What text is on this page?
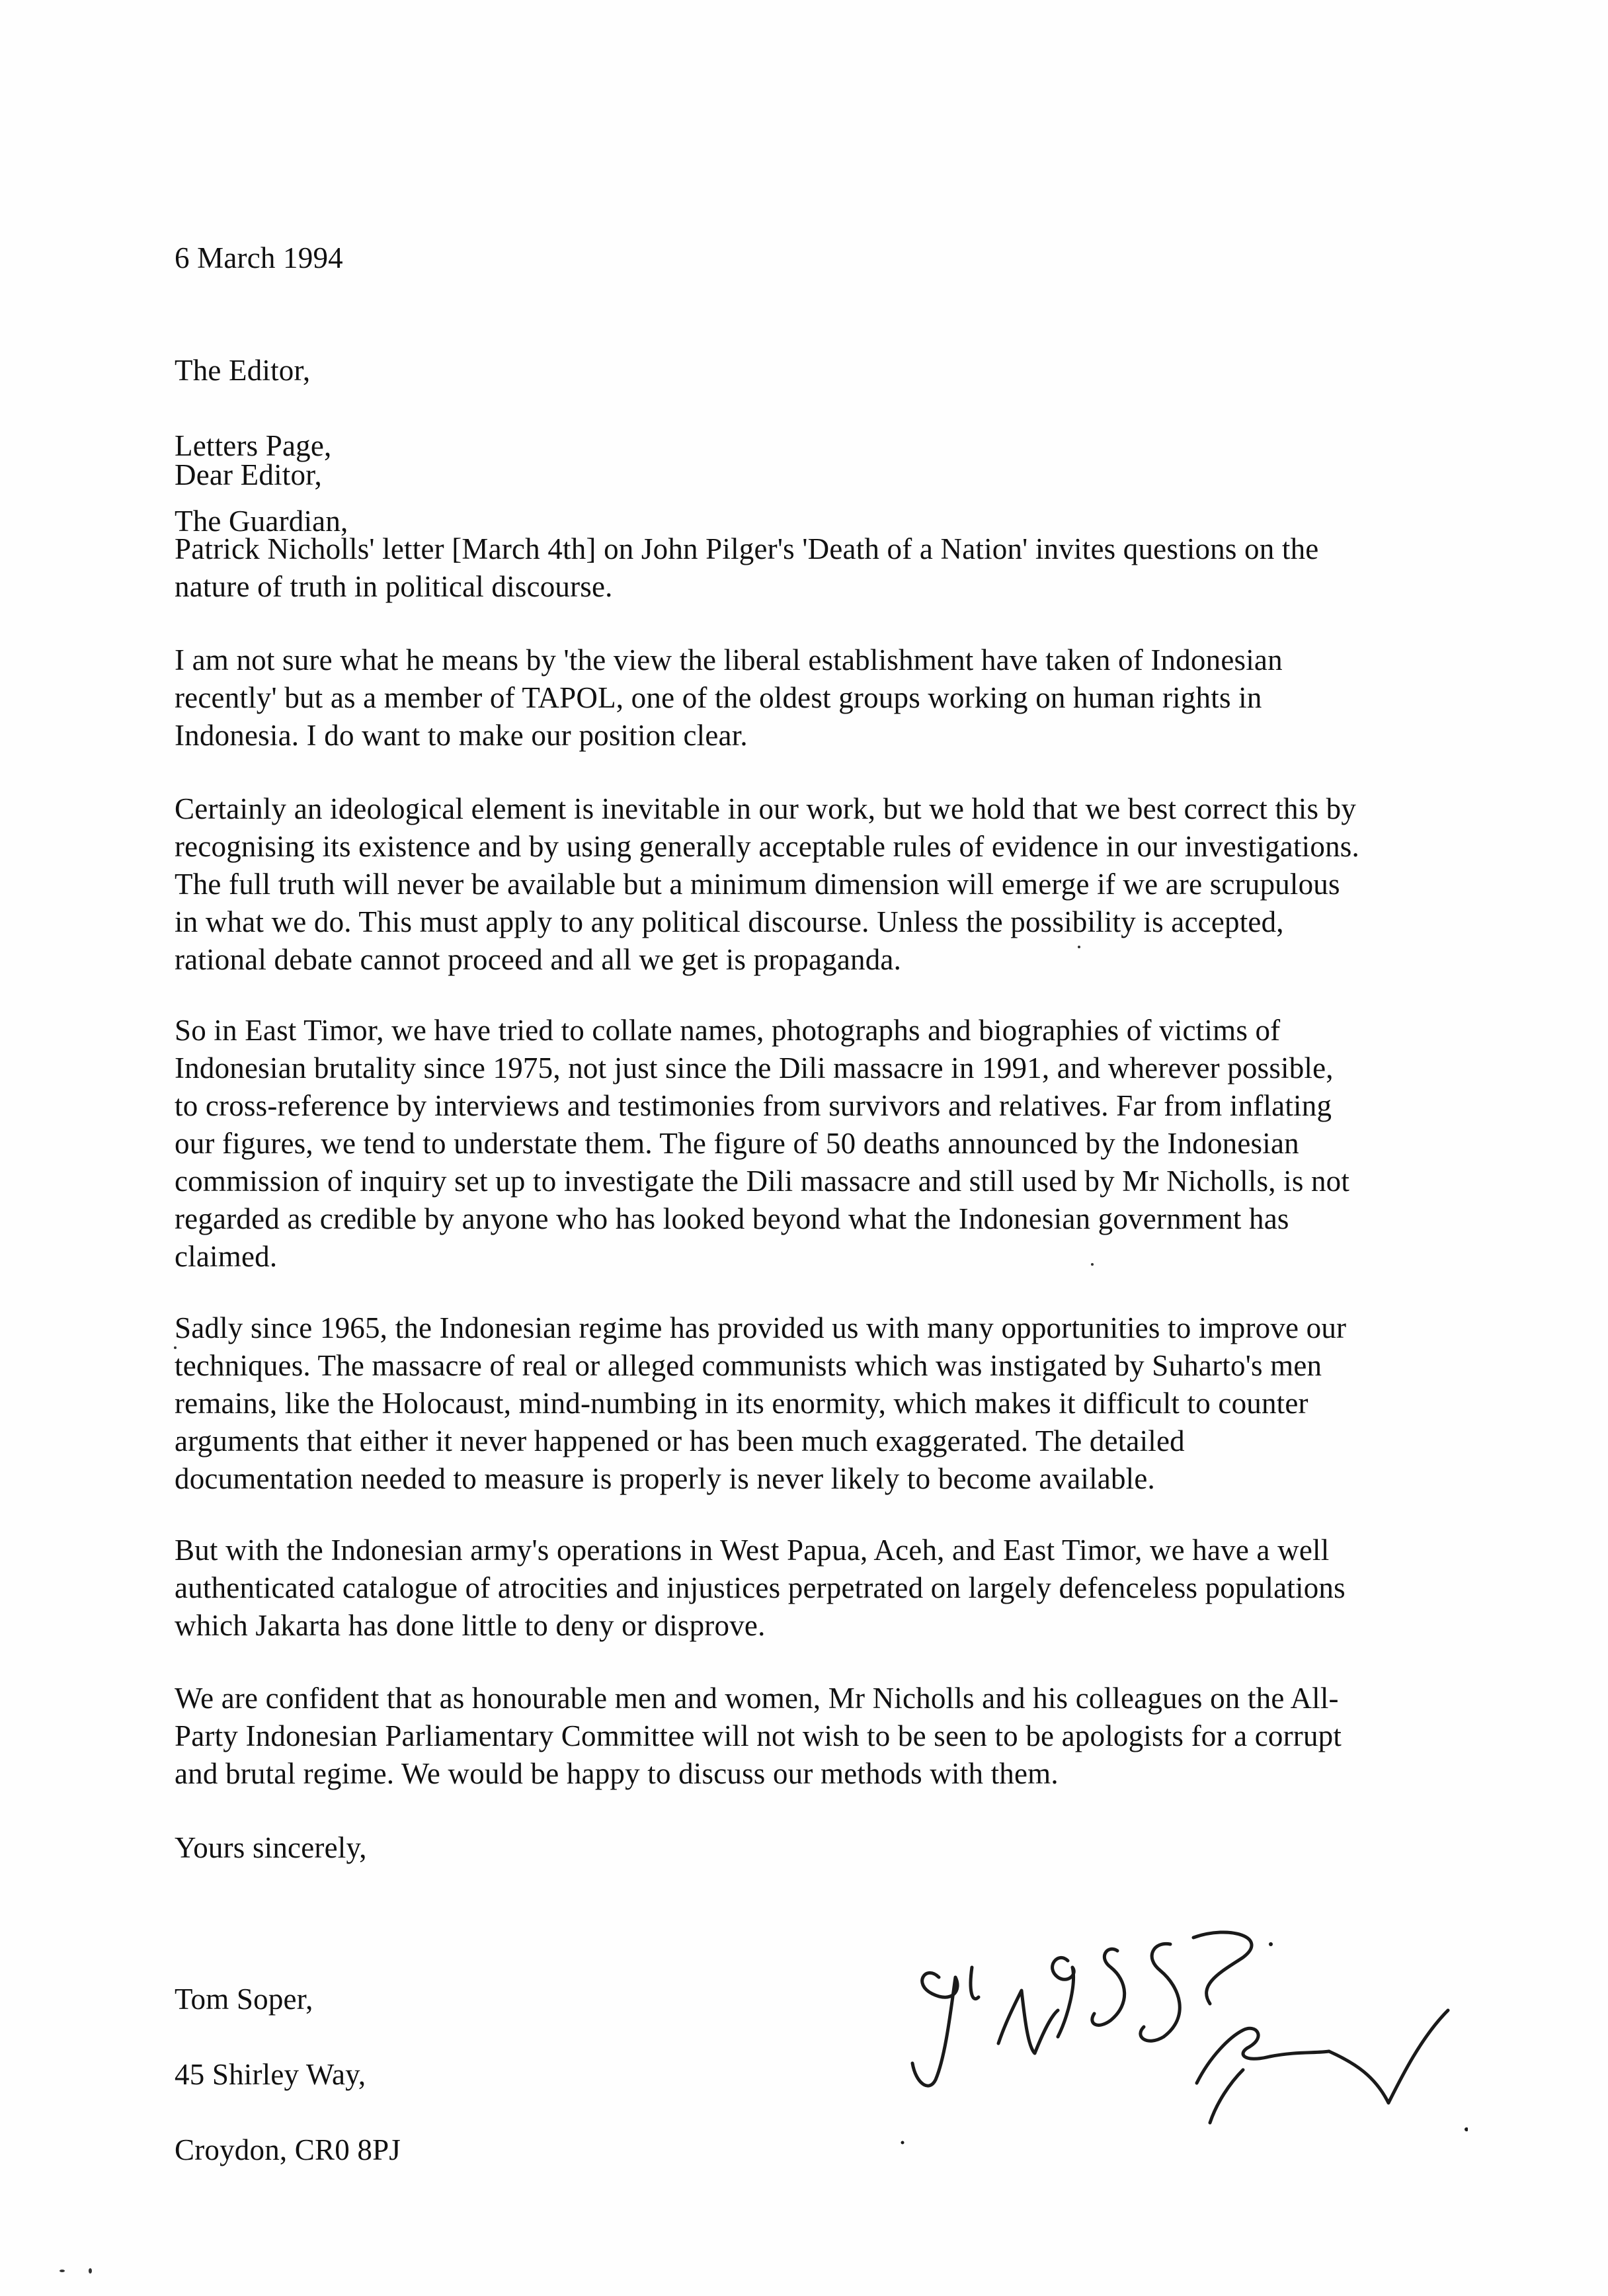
6 March 1994

The Editor,

Letters Page,

The Guardian,

Dear Editor,

Patrick Nicholls' letter [March 4th] on John Pilger's 'Death of a Nation' invites questions on the
nature of truth in political discourse.
I am not sure what he means by 'the view the liberal establishment have taken of Indonesian
recently' but as a member of TAPOL, one of the oldest groups working on human rights in
Indonesia. I do want to make our position clear.
Certainly an ideological element is inevitable in our work, but we hold that we best correct this by
recognising its existence and by using generally acceptable rules of evidence in our investigations.
The full truth will never be available but a minimum dimension will emerge if we are scrupulous
in what we do. This must apply to any political discourse. Unless the possibility is accepted,
rational debate cannot proceed and all we get is propaganda.
So in East Timor, we have tried to collate names, photographs and biographies of victims of
Indonesian brutality since 1975, not just since the Dili massacre in 1991, and wherever possible,
to cross-reference by interviews and testimonies from survivors and relatives. Far from inflating
our figures, we tend to understate them. The figure of 50 deaths announced by the Indonesian
commission of inquiry set up to investigate the Dili massacre and still used by Mr Nicholls, is not
regarded as credible by anyone who has looked beyond what the Indonesian government has
claimed.
Sadly since 1965, the Indonesian regime has provided us with many opportunities to improve our
techniques. The massacre of real or alleged communists which was instigated by Suharto's men
remains, like the Holocaust, mind-numbing in its enormity, which makes it difficult to counter
arguments that either it never happened or has been much exaggerated. The detailed
documentation needed to measure is properly is never likely to become available.
But with the Indonesian army's operations in West Papua, Aceh, and East Timor, we have a well
authenticated catalogue of atrocities and injustices perpetrated on largely defenceless populations
which Jakarta has done little to deny or disprove.
We are confident that as honourable men and women, Mr Nicholls and his colleagues on the All-
Party Indonesian Parliamentary Committee will not wish to be seen to be apologists for a corrupt
and brutal regime. We would be happy to discuss our methods with them.

Yours sincerely,

Tom Soper,

45 Shirley Way,

Croydon, CR0 8PJ
